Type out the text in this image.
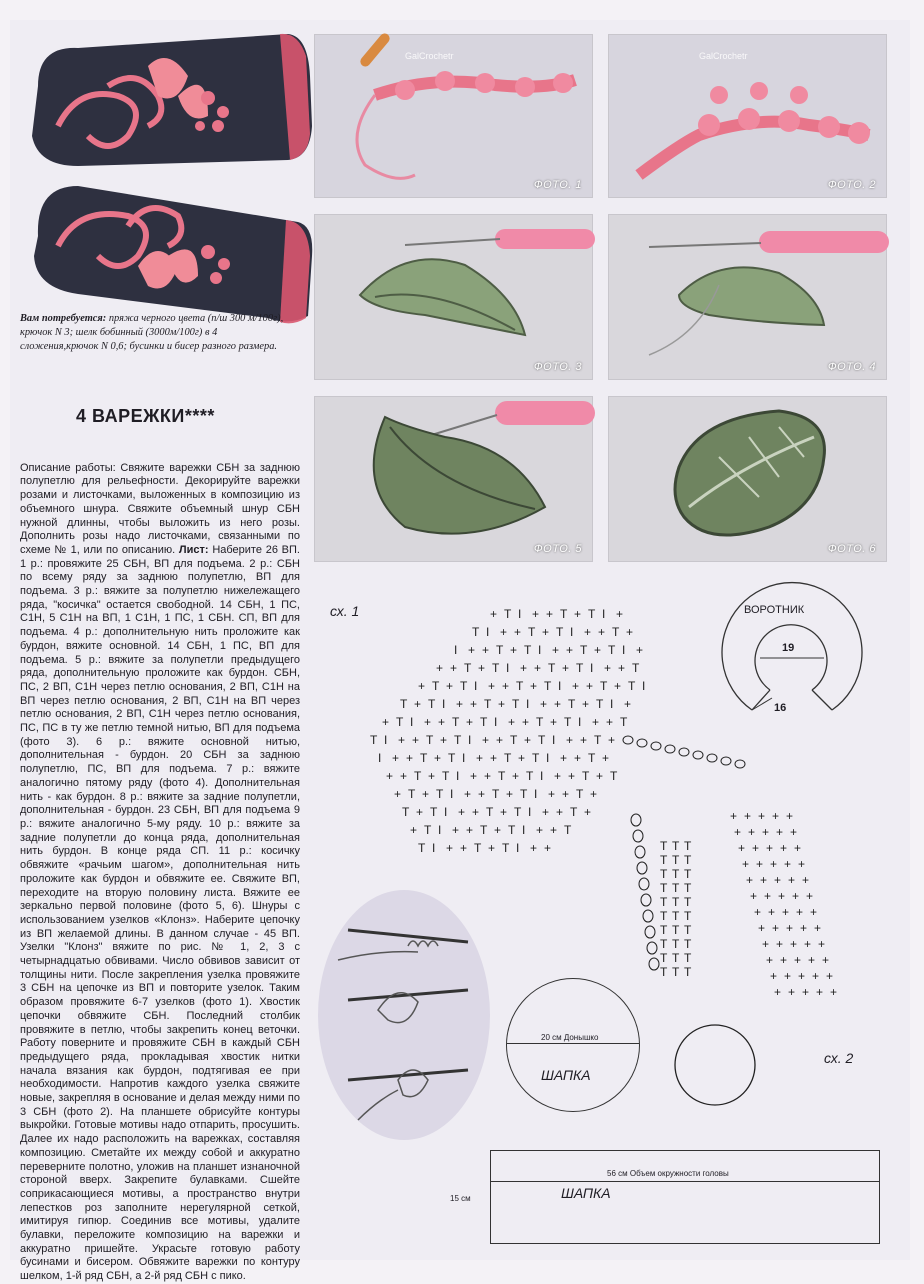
GalCrochetr
ФОТО. 1
GalCrochetr
ФОТО. 2
ФОТО. 3	ФОТО. 4
ФОТО. 5	ФОТО. 6
Вам потребуется: пряжа черного цвета (п/ш 300 м/100г), крючок N 3; шелк бобинный (3000м/100г) в 4 сложения,крючок N 0,6; бусинки и бисер разного размера.
4 ВАРЕЖКИ****

Описание работы: Свяжите варежки СБН за заднюю полупетлю для рельефности. Декорируйте варежки розами и листочками, выложенных в композицию из объемного шнура. Свяжите объемный шнур СБН нужной длинны, чтобы выложить из него розы. Дополнить розы надо листочками, связанными по схеме № 1, или по описанию. Лист: Наберите 26 ВП. 1 р.: провяжите 25 СБН, ВП для подъема. 2 р.: СБН по всему ряду за заднюю полупетлю, ВП для подъема. 3 р.: вяжите за полупетлю нижележащего ряда, "косичка" остается свободной. 14 СБН, 1 ПС, С1Н, 5 С1Н на ВП, 1 С1Н, 1 ПС, 1 СБН. СП, ВП для подъема. 4 р.: дополнительную нить проложите как бурдон, вяжите основной. 14 СБН, 1 ПС, ВП для подъема. 5 р.: вяжите за полупетли предыдущего ряда, дополнительную проложите как бурдон. СБН, ПС, 2 ВП, С1Н через петлю основания, 2 ВП, С1Н на ВП через петлю основания, 2 ВП, С1Н на ВП через петлю основания, 2 ВП, С1Н через петлю основания, ПС, ПС в ту же петлю темной нитью, ВП для подъема (фото 3). 6 р.: вяжите основной нитью, дополнительная - бурдон. 20 СБН за заднюю полупетлю, ПС, ВП для подъема. 7 р.: вяжите аналогично пятому ряду (фото 4). Дополнительная нить - как бурдон. 8 р.: вяжите за задние полупетли, дополнительная - бурдон. 23 СБН, ВП для подъема 9 р.: вяжите аналогично 5-му ряду. 10 р.: вяжите за задние полупетли до конца ряда, дополнительная нить бурдон. В конце ряда СП. 11 р.: косичку обвяжите «рачьим шагом», дополнительная нить проложите как бурдон и обвяжите ее. Свяжите ВП, переходите на вторую половину листа. Вяжите ее зеркально первой половине (фото 5, 6). Шнуры с использованием узелков «Клонз». Наберите цепочку из ВП желаемой длины. В данном случае - 45 ВП. Узелки "Клонз" вяжите по рис. № 1, 2, 3 с четырнадцатью обвивами. Число обвивов зависит от толщины нити. После закрепления узелка провяжите 3 СБН на цепочке из ВП и повторите узелок. Таким образом провяжите 6-7 узелков (фото 1). Хвостик цепочки обвяжите СБН. Последний столбик провяжите в петлю, чтобы закрепить конец веточки. Работу поверните и провяжите СБН в каждый СБН предыдущего ряда, прокладывая хвостик нитки начала вязания как бурдон, подтягивая ее при необходимости. Напротив каждого узелка свяжите новые, закрепляя в основание и делая между ними по 3 СБН (фото 2). На планшете обрисуйте контуры выкройки. Готовые мотивы надо отпарить, просушить. Далее их надо расположить на варежках, составляя композицию. Сметайте их между собой и аккуратно переверните полотно, уложив на планшет изнаночной стороной вверх. Закрепите булавками. Сшейте соприкасающиеся мотивы, а пространство внутри лепестков роз заполните нерегулярной сеткой, имитируя гипюр. Соединив все мотивы, удалите булавки, переложите композицию на варежки и аккуратно пришейте. Украсьте готовую работу бусинами и бисером. Обвяжите варежки по контуру шелком, 1-й ряд СБН, а 2-й ряд СБН с пико.

сх. 1	+ T I + + T + T I +
T I + + T + T I + + T +
I + + T + T I + + T + T I +
+ + T + T I + + T + T I + + T
+ T + T I + + T + T I + + T + T I
T + T I + + T + T I + + T + T I +
+ T I + + T + T I + + T + T I + + T
T I + + T + T I + + T + T I + + T +
I + + T + T I + + T + T I + + T +
+ + T + T I + + T + T I + + T + T
+ T + T I + + T + T I + + T +
T + T I + + T + T I + + T +
+ T I + + T + T I + + T
T I + + T + T I + +
ВОРОТНИК
19
16
+ + + + +
+ + + + +
+ + + + +
+ + + + +
+ + + + +
+ + + + +
+ + + + +
+ + + + +
+ + + + +
+ + + + +
+ + + + +
+ + + + +
T T T
T T T
T T T
T T T
T T T
T T T
T T T
T T T
T T T
T T T
сх. 2
20 см Донышко
ШАПКА
56 см Объем окружности головы
ШАПКА
15 см
